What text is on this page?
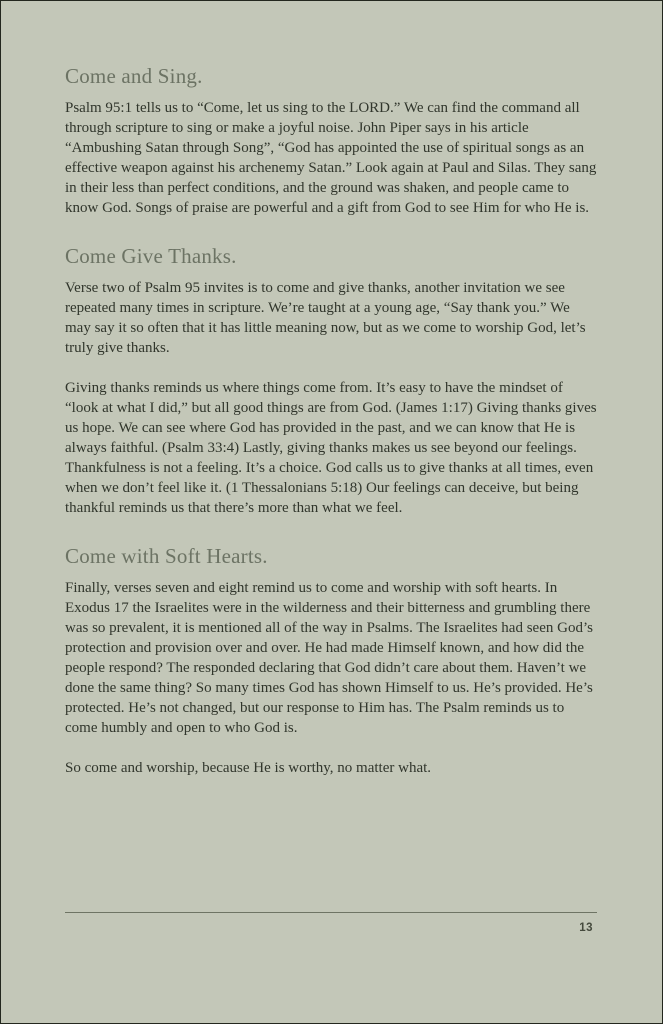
Come and Sing.

Psalm 95:1 tells us to “Come, let us sing to the LORD.” We can find the command all through scripture to sing or make a joyful noise. John Piper says in his article “Ambushing Satan through Song”, “God has appointed the use of spiritual songs as an effective weapon against his archenemy Satan.” Look again at Paul and Silas. They sang in their less than perfect conditions, and the ground was shaken, and people came to know God. Songs of praise are powerful and a gift from God to see Him for who He is.

Come Give Thanks.

Verse two of Psalm 95 invites is to come and give thanks, another invitation we see repeated many times in scripture. We’re taught at a young age, “Say thank you.” We may say it so often that it has little meaning now, but as we come to worship God, let’s truly give thanks.

Giving thanks reminds us where things come from. It’s easy to have the mindset of “look at what I did,” but all good things are from God. (James 1:17) Giving thanks gives us hope. We can see where God has provided in the past, and we can know that He is always faithful. (Psalm 33:4) Lastly, giving thanks makes us see beyond our feelings. Thankfulness is not a feeling. It’s a choice. God calls us to give thanks at all times, even when we don’t feel like it. (1 Thessalonians 5:18) Our feelings can deceive, but being thankful reminds us that there’s more than what we feel.

Come with Soft Hearts.

Finally, verses seven and eight remind us to come and worship with soft hearts. In Exodus 17 the Israelites were in the wilderness and their bitterness and grumbling there was so prevalent, it is mentioned all of the way in Psalms. The Israelites had seen God’s protection and provision over and over. He had made Himself known, and how did the people respond? The responded declaring that God didn’t care about them. Haven’t we done the same thing? So many times God has shown Himself to us. He’s provided. He’s protected. He’s not changed, but our response to Him has. The Psalm reminds us to come humbly and open to who God is.

So come and worship, because He is worthy, no matter what.

13
